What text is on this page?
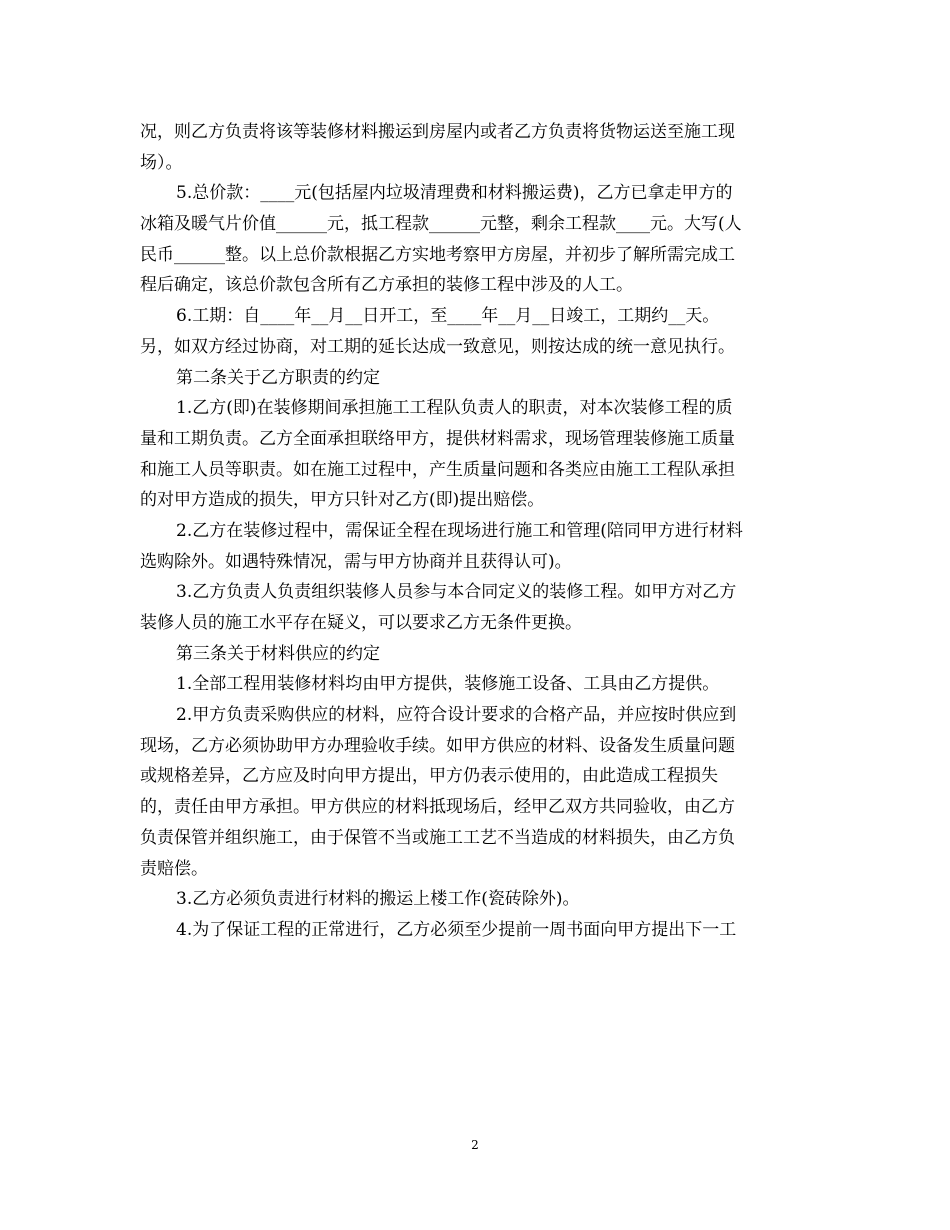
况，则乙方负责将该等装修材料搬运到房屋内或者乙方负责将货物运送至施工现
场）。
5.总价款：____元(包括屋内垃圾清理费和材料搬运费)，乙方已拿走甲方的
冰箱及暖气片价值______元，抵工程款______元整，剩余工程款____元。大写(人
民币______整。以上总价款根据乙方实地考察甲方房屋，并初步了解所需完成工
程后确定，该总价款包含所有乙方承担的装修工程中涉及的人工。
6.工期：自____年__月__日开工，至____年__月__日竣工，工期约__天。
另，如双方经过协商，对工期的延长达成一致意见，则按达成的统一意见执行。
第二条关于乙方职责的约定
1.乙方(即)在装修期间承担施工工程队负责人的职责，对本次装修工程的质
量和工期负责。乙方全面承担联络甲方，提供材料需求，现场管理装修施工质量
和施工人员等职责。如在施工过程中，产生质量问题和各类应由施工工程队承担
的对甲方造成的损失，甲方只针对乙方(即)提出赔偿。
2.乙方在装修过程中，需保证全程在现场进行施工和管理(陪同甲方进行材料
选购除外。如遇特殊情况，需与甲方协商并且获得认可)。
3.乙方负责人负责组织装修人员参与本合同定义的装修工程。如甲方对乙方
装修人员的施工水平存在疑义，可以要求乙方无条件更换。
第三条关于材料供应的约定
1.全部工程用装修材料均由甲方提供，装修施工设备、工具由乙方提供。
2.甲方负责采购供应的材料，应符合设计要求的合格产品，并应按时供应到
现场，乙方必须协助甲方办理验收手续。如甲方供应的材料、设备发生质量问题
或规格差异，乙方应及时向甲方提出，甲方仍表示使用的，由此造成工程损失
的，责任由甲方承担。甲方供应的材料抵现场后，经甲乙双方共同验收，由乙方
负责保管并组织施工，由于保管不当或施工工艺不当造成的材料损失，由乙方负
责赔偿。
3.乙方必须负责进行材料的搬运上楼工作(瓷砖除外)。
4.为了保证工程的正常进行，乙方必须至少提前一周书面向甲方提出下一工
2
